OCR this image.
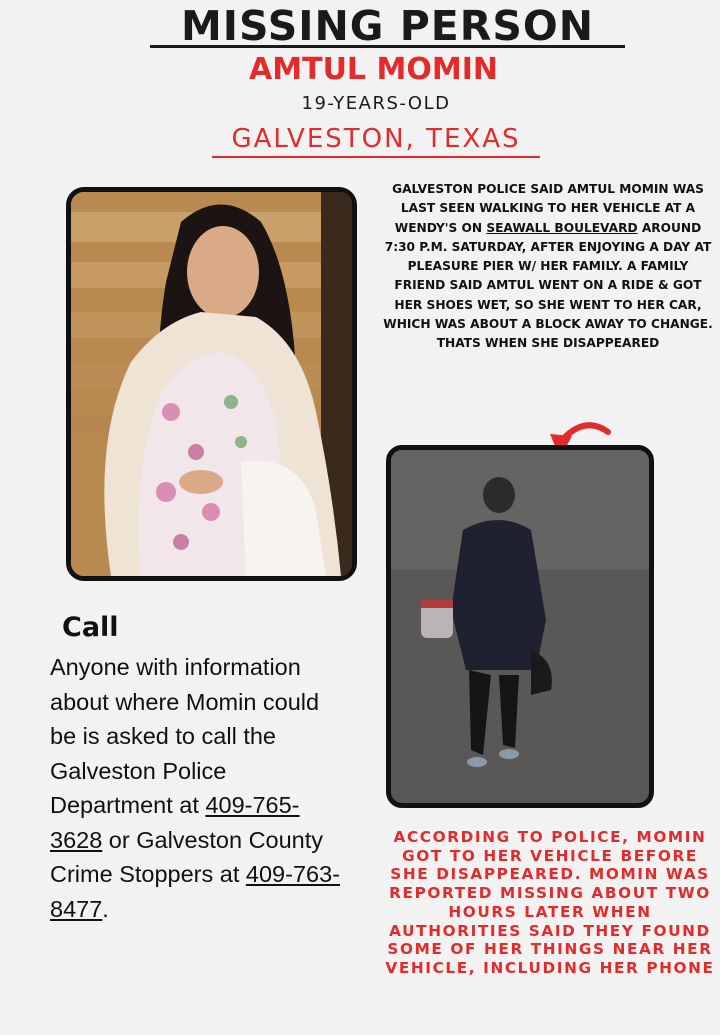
MISSING PERSON
AMTUL MOMIN
19-YEARS-OLD
GALVESTON, TEXAS
GALVESTON POLICE SAID AMTUL MOMIN WAS LAST SEEN WALKING TO HER VEHICLE AT A WENDY'S ON SEAWALL BOULEVARD AROUND 7:30 P.M. SATURDAY, AFTER ENJOYING A DAY AT PLEASURE PIER W/ HER FAMILY. A FAMILY FRIEND SAID AMTUL WENT ON A RIDE & GOT HER SHOES WET, SO SHE WENT TO HER CAR, WHICH WAS ABOUT A BLOCK AWAY TO CHANGE. THATS WHEN SHE DISAPPEARED
Call
Anyone with information about where Momin could be is asked to call the Galveston Police Department at 409-765-3628 or Galveston County Crime Stoppers at 409-763-8477.
ACCORDING TO POLICE, MOMIN GOT TO HER VEHICLE BEFORE SHE DISAPPEARED. MOMIN WAS REPORTED MISSING ABOUT TWO HOURS LATER WHEN AUTHORITIES SAID THEY FOUND SOME OF HER THINGS NEAR HER VEHICLE, INCLUDING HER PHONE
